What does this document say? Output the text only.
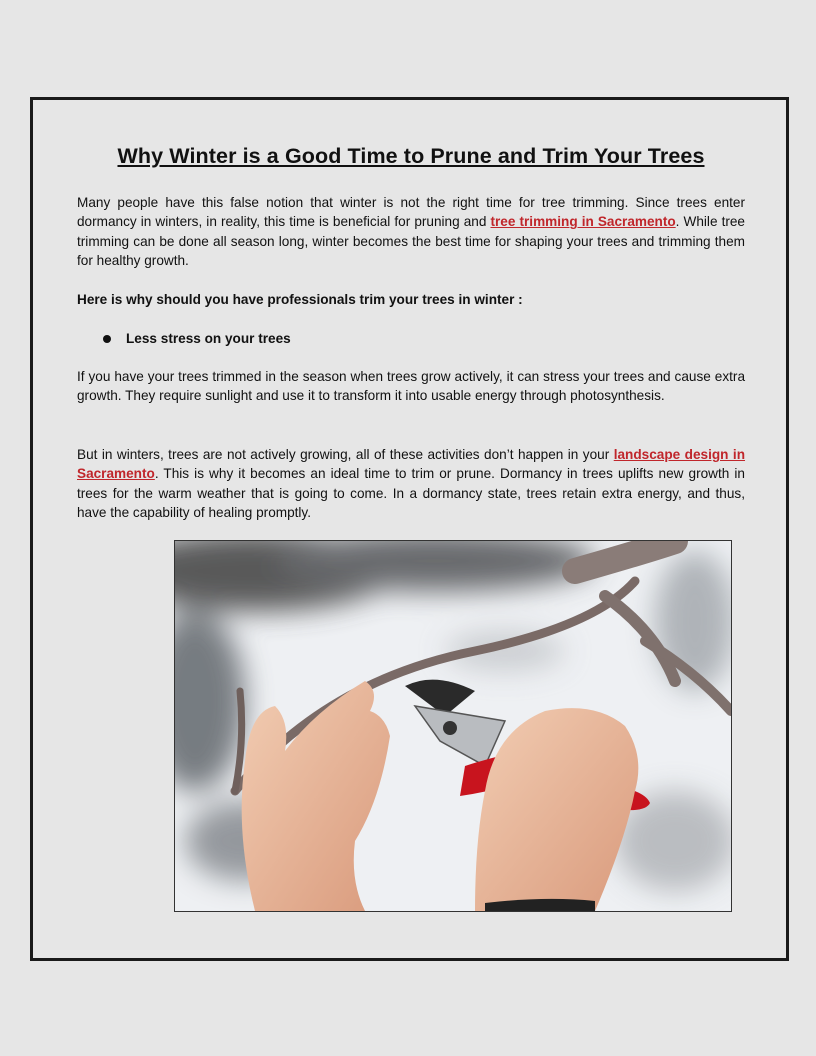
Why Winter is a Good Time to Prune and Trim Your Trees

Many people have this false notion that winter is not the right time for tree trimming. Since trees enter dormancy in winters, in reality, this time is beneficial for pruning and tree trimming in Sacramento. While tree trimming can be done all season long, winter becomes the best time for shaping your trees and trimming them for healthy growth.

Here is why should you have professionals trim your trees in winter :
Less stress on your trees

If you have your trees trimmed in the season when trees grow actively, it can stress your trees and cause extra growth. They require sunlight and use it to transform it into usable energy through photosynthesis.

But in winters, trees are not actively growing, all of these activities don’t happen in your landscape design in Sacramento. This is why it becomes an ideal time to trim or prune. Dormancy in trees uplifts new growth in trees for the warm weather that is going to come. In a dormancy state, trees retain extra energy, and thus, have the capability of healing promptly.
